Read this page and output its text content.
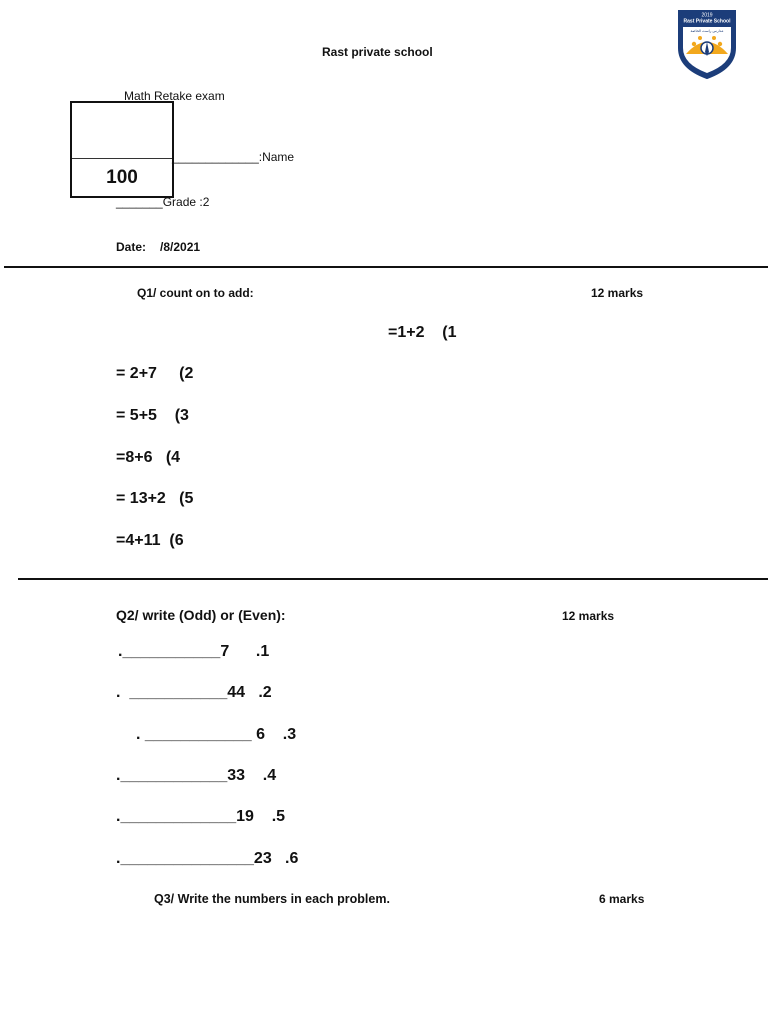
Rast private school
2019
Rast Private School
مدارس راست الخاصة
Math Retake exam
100
_____________:Name
_______Grade :2
Date: /8/2021
Q1/ count on to add:	12 marks
=1+2    (1
= 2+7     (2
= 5+5    (3
=8+6   (4
= 13+2   (5
=4+11  (6
Q2/ write (Odd) or (Even):	12 marks
.___________7      .1
.  ___________44   .2
. ____________ 6    .3
.____________33    .4
._____________19    .5
._______________23   .6
Q3/ Write the numbers in each problem.	6 marks
